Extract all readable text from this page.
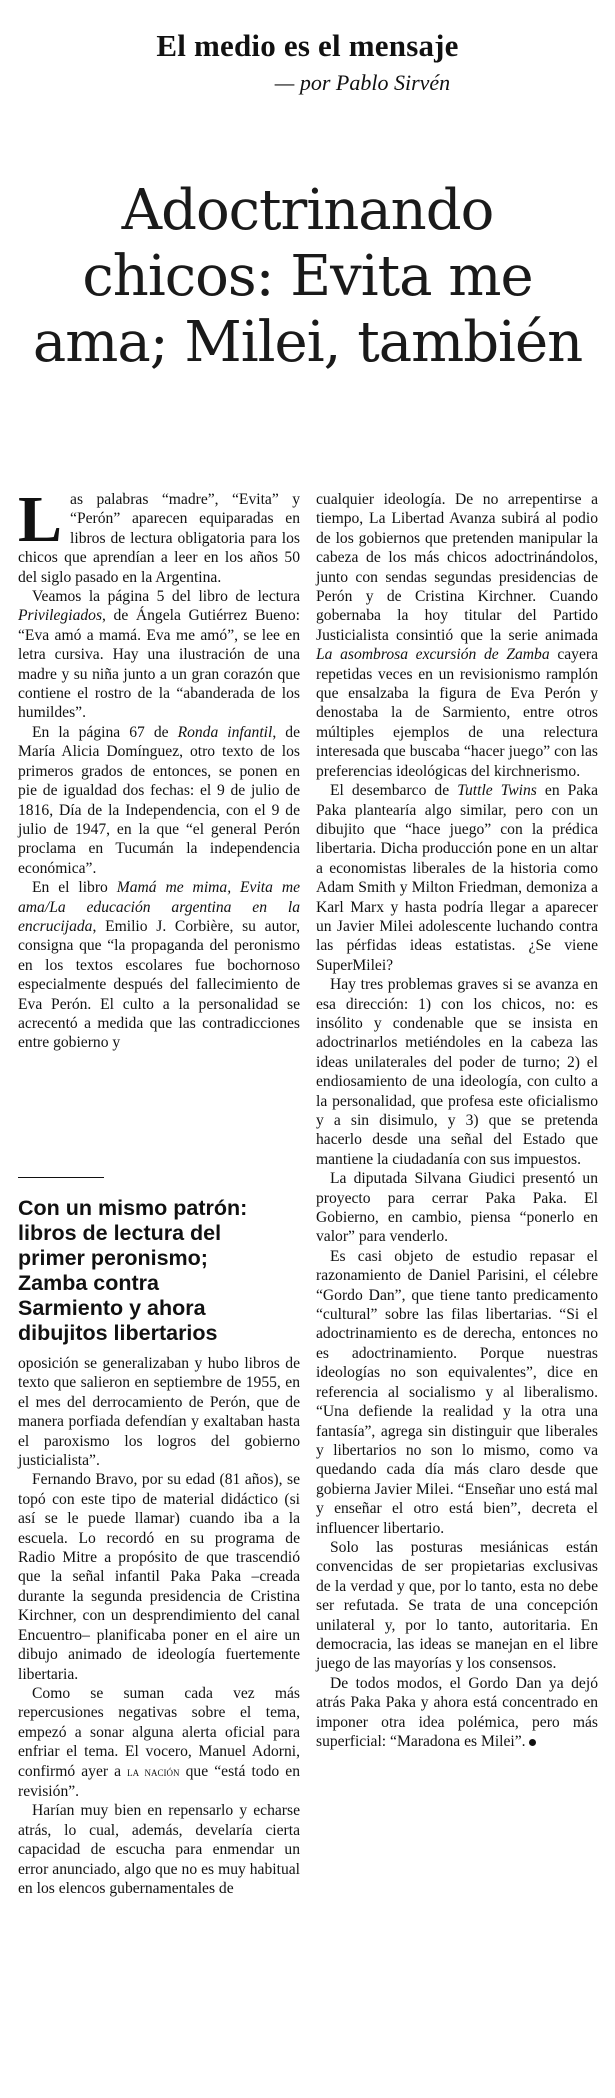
El medio es el mensaje
— por Pablo Sirvén
Adoctrinando
chicos: Evita me
ama; Milei, también

Las palabras “madre”, “Evita” y “Perón” aparecen equiparadas en libros de lectura obligatoria para los chicos que aprendían a leer en los años 50 del siglo pasado en la Argentina.

Veamos la página 5 del libro de lectura Privilegiados, de Ángela Gutiérrez Bueno: “Eva amó a mamá. Eva me amó”, se lee en letra cursiva. Hay una ilustración de una madre y su niña junto a un gran corazón que contiene el rostro de la “abanderada de los humildes”.

En la página 67 de Ronda infantil, de María Alicia Domínguez, otro texto de los primeros grados de entonces, se ponen en pie de igualdad dos fechas: el 9 de julio de 1816, Día de la Independencia, con el 9 de julio de 1947, en la que “el general Perón proclama en Tucumán la independencia económica”.

En el libro Mamá me mima, Evita me ama/La educación argentina en la encrucijada, Emilio J. Corbière, su autor, consigna que “la propaganda del peronismo en los textos escolares fue bochornoso especialmente después del fallecimiento de Eva Perón. El culto a la personalidad se acrecentó a medida que las contradicciones entre gobierno y

Con un mismo patrón:
libros de lectura del
primer peronismo;
Zamba contra
Sarmiento y ahora
dibujitos libertarios

oposición se generalizaban y hubo libros de texto que salieron en septiembre de 1955, en el mes del derrocamiento de Perón, que de manera porfiada defendían y exaltaban hasta el paroxismo los logros del gobierno justicialista”.

Fernando Bravo, por su edad (81 años), se topó con este tipo de material didáctico (si así se le puede llamar) cuando iba a la escuela. Lo recordó en su programa de Radio Mitre a propósito de que trascendió que la señal infantil Paka Paka –creada durante la segunda presidencia de Cristina Kirchner, con un desprendimiento del canal Encuentro– planificaba poner en el aire un dibujo animado de ideología fuertemente libertaria.

Como se suman cada vez más repercusiones negativas sobre el tema, empezó a sonar alguna alerta oficial para enfriar el tema. El vocero, Manuel Adorni, confirmó ayer a la nación que “está todo en revisión”.

Harían muy bien en repensarlo y echarse atrás, lo cual, además, develaría cierta capacidad de escucha para enmendar un error anunciado, algo que no es muy habitual en los elencos gubernamentales de

cualquier ideología. De no arrepentirse a tiempo, La Libertad Avanza subirá al podio de los gobiernos que pretenden manipular la cabeza de los más chicos adoctrinándolos, junto con sendas segundas presidencias de Perón y de Cristina Kirchner. Cuando gobernaba la hoy titular del Partido Justicialista consintió que la serie animada La asombrosa excursión de Zamba cayera repetidas veces en un revisionismo ramplón que ensalzaba la figura de Eva Perón y denostaba la de Sarmiento, entre otros múltiples ejemplos de una relectura interesada que buscaba “hacer juego” con las preferencias ideológicas del kirchnerismo.

El desembarco de Tuttle Twins en Paka Paka plantearía algo similar, pero con un dibujito que “hace juego” con la prédica libertaria. Dicha producción pone en un altar a economistas liberales de la historia como Adam Smith y Milton Friedman, demoniza a Karl Marx y hasta podría llegar a aparecer un Javier Milei adolescente luchando contra las pérfidas ideas estatistas. ¿Se viene SuperMilei?

Hay tres problemas graves si se avanza en esa dirección: 1) con los chicos, no: es insólito y condenable que se insista en adoctrinarlos metiéndoles en la cabeza las ideas unilaterales del poder de turno; 2) el endiosamiento de una ideología, con culto a la personalidad, que profesa este oficialismo y a sin disimulo, y 3) que se pretenda hacerlo desde una señal del Estado que mantiene la ciudadanía con sus impuestos.

La diputada Silvana Giudici presentó un proyecto para cerrar Paka Paka. El Gobierno, en cambio, piensa “ponerlo en valor” para venderlo.

Es casi objeto de estudio repasar el razonamiento de Daniel Parisini, el célebre “Gordo Dan”, que tiene tanto predicamento “cultural” sobre las filas libertarias. “Si el adoctrinamiento es de derecha, entonces no es adoctrinamiento. Porque nuestras ideologías no son equivalentes”, dice en referencia al socialismo y al liberalismo. “Una defiende la realidad y la otra una fantasía”, agrega sin distinguir que liberales y libertarios no son lo mismo, como va quedando cada día más claro desde que gobierna Javier Milei. “Enseñar uno está mal y enseñar el otro está bien”, decreta el influencer libertario.

Solo las posturas mesiánicas están convencidas de ser propietarias exclusivas de la verdad y que, por lo tanto, esta no debe ser refutada. Se trata de una concepción unilateral y, por lo tanto, autoritaria. En democracia, las ideas se manejan en el libre juego de las mayorías y los consensos.

De todos modos, el Gordo Dan ya dejó atrás Paka Paka y ahora está concentrado en imponer otra idea polémica, pero más superficial: “Maradona es Milei”.
